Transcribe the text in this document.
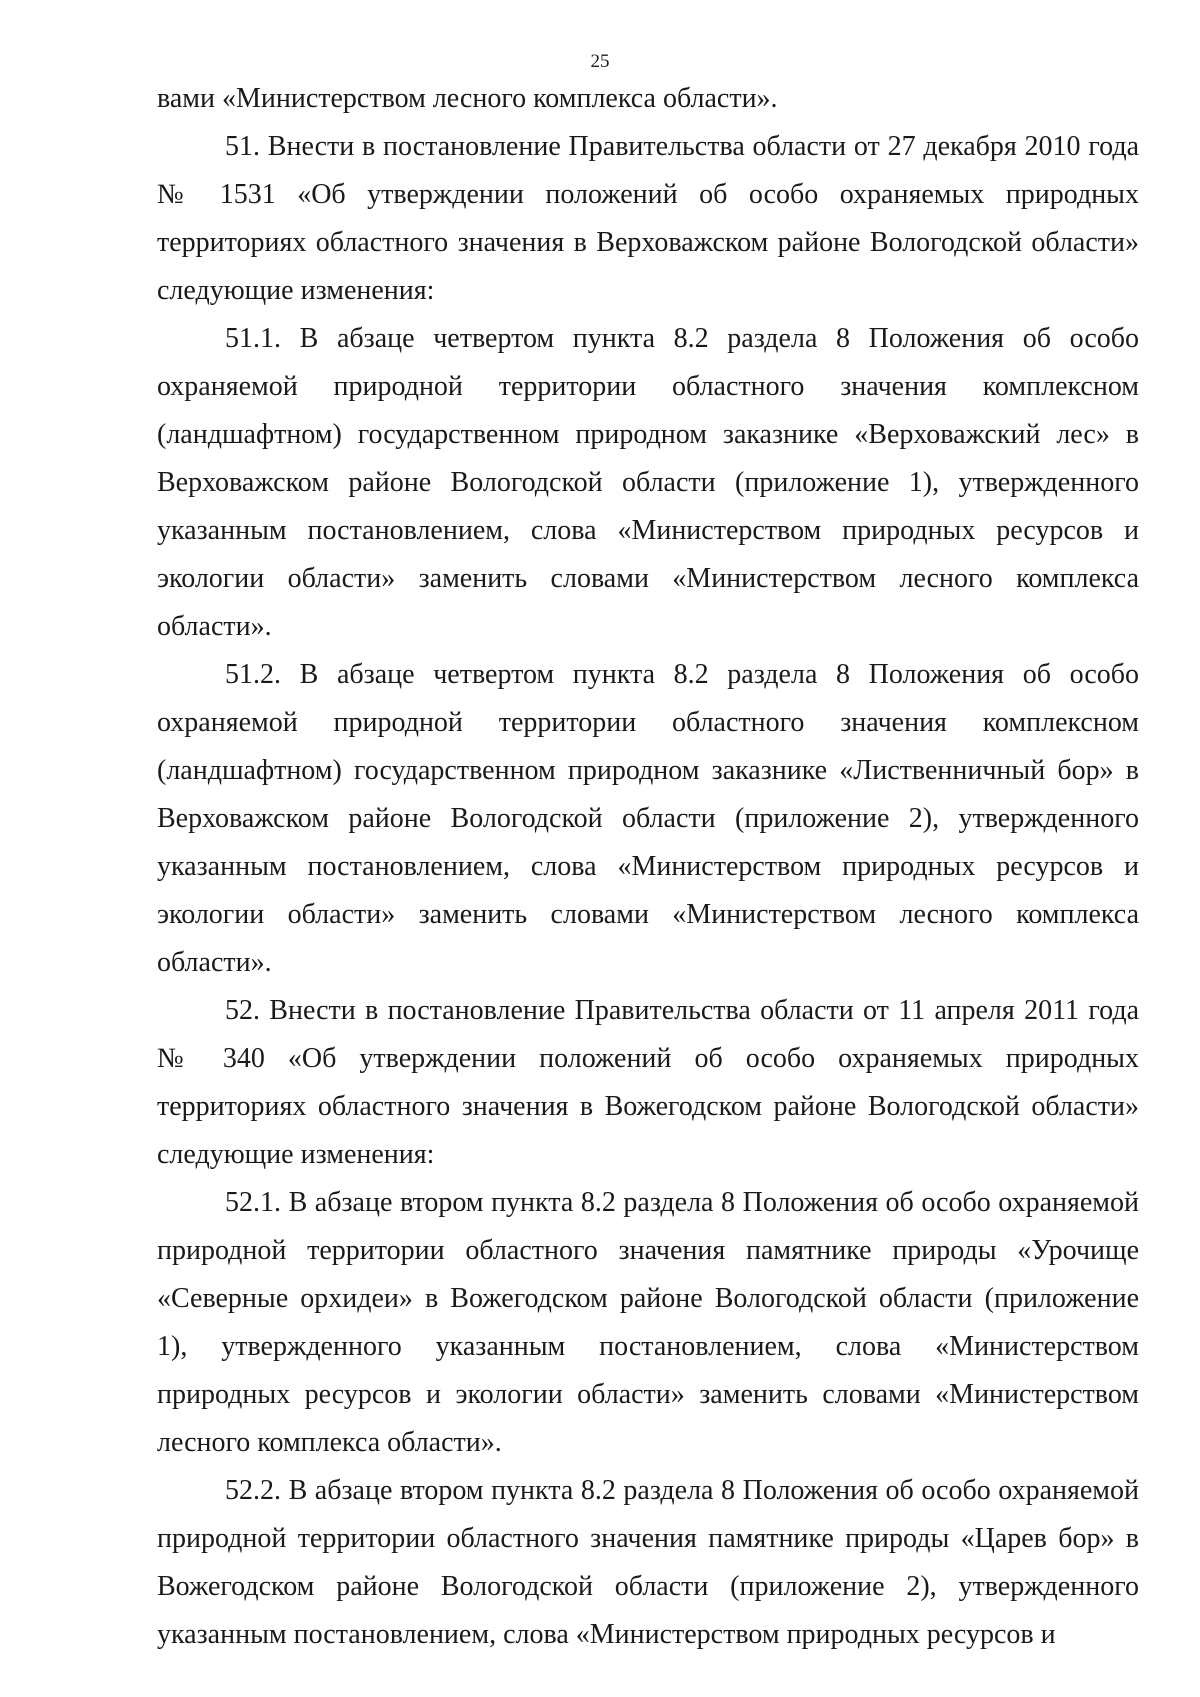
25

вами «Министерством лесного комплекса области».

51. Внести в постановление Правительства области от 27 декабря 2010 года № 1531 «Об утверждении положений об особо охраняемых природных территориях областного значения в Верховажском районе Вологодской области» следующие изменения:

51.1. В абзаце четвертом пункта 8.2 раздела 8 Положения об особо охраняемой природной территории областного значения комплексном (ландшафтном) государственном природном заказнике «Верховажский лес» в Верховажском районе Вологодской области (приложение 1), утвержденного указанным постановлением, слова «Министерством природных ресурсов и экологии области» заменить словами «Министерством лесного комплекса области».

51.2. В абзаце четвертом пункта 8.2 раздела 8 Положения об особо охраняемой природной территории областного значения комплексном (ландшафтном) государственном природном заказнике «Лиственничный бор» в Верховажском районе Вологодской области (приложение 2), утвержденного указанным постановлением, слова «Министерством природных ресурсов и экологии области» заменить словами «Министерством лесного комплекса области».

52. Внести в постановление Правительства области от 11 апреля 2011 года № 340 «Об утверждении положений об особо охраняемых природных территориях областного значения в Вожегодском районе Вологодской области» следующие изменения:

52.1. В абзаце втором пункта 8.2 раздела 8 Положения об особо охраняемой природной территории областного значения памятнике природы «Урочище «Северные орхидеи» в Вожегодском районе Вологодской области (приложение 1), утвержденного указанным постановлением, слова «Министерством природных ресурсов и экологии области» заменить словами «Министерством лесного комплекса области».

52.2. В абзаце втором пункта 8.2 раздела 8 Положения об особо охраняемой природной территории областного значения памятнике природы «Царев бор» в Вожегодском районе Вологодской области (приложение 2), утвержденного указанным постановлением, слова «Министерством природных ресурсов и
